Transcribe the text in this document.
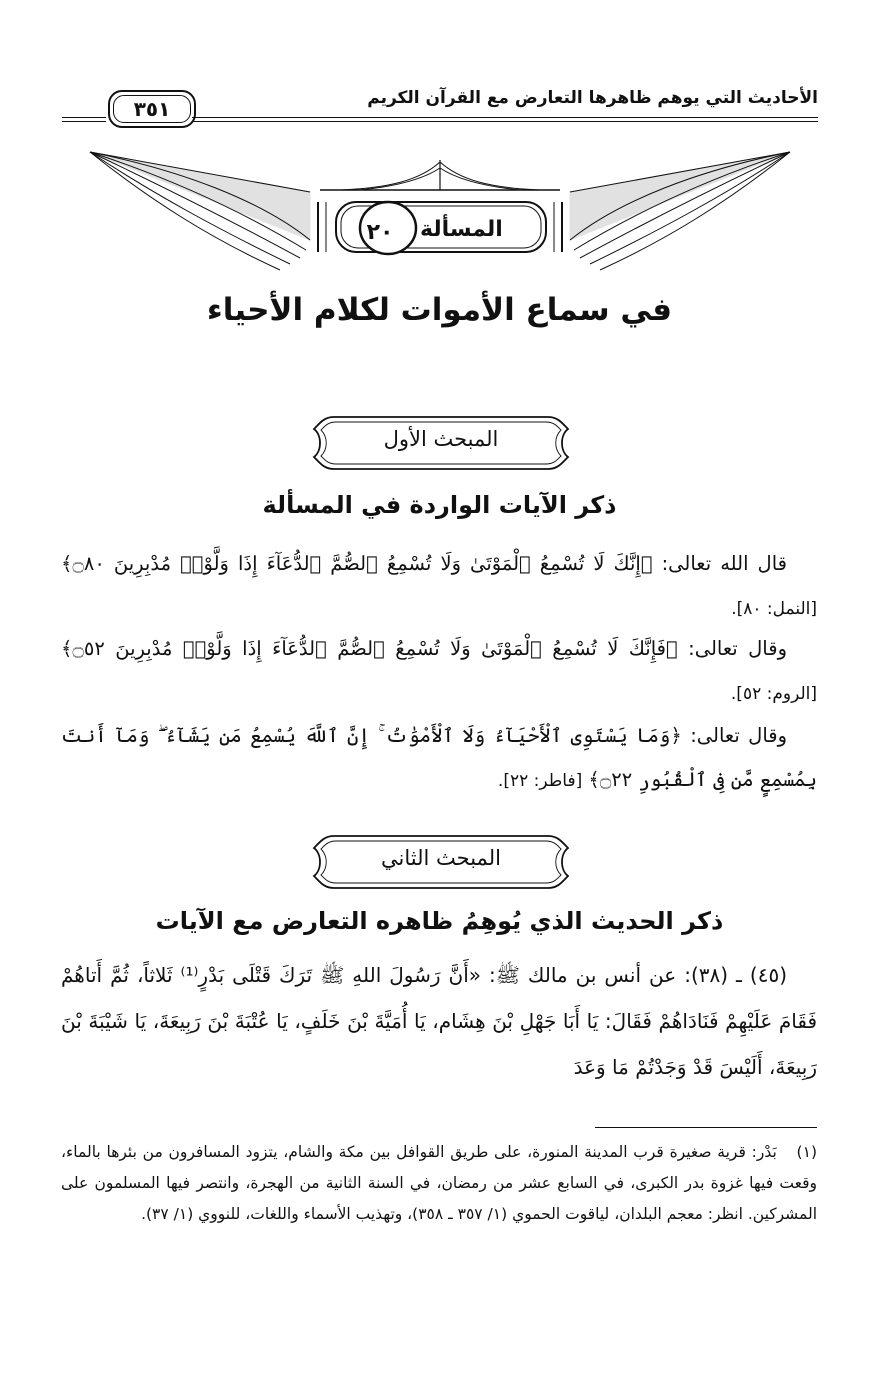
الأحاديث التي يوهم ظاهرها التعارض مع القرآن الكريم
٣٥١
المسألة
٢٠
في سماع الأموات لكلام الأحياء
المبحث الأول
ذكر الآيات الواردة في المسألة
قال الله تعالى: ﴿إِنَّكَ لَا تُسْمِعُ ٱلْمَوْتَىٰ وَلَا تُسْمِعُ ٱلصُّمَّ ٱلدُّعَآءَ إِذَا وَلَّوْا۟ مُدْبِرِينَ ۝٨٠﴾ [النمل: ٨٠].
وقال تعالى: ﴿فَإِنَّكَ لَا تُسْمِعُ ٱلْمَوْتَىٰ وَلَا تُسْمِعُ ٱلصُّمَّ ٱلدُّعَآءَ إِذَا وَلَّوْا۟ مُدْبِرِينَ ۝٥٢﴾ [الروم: ٥٢].
وقال تعالى: ﴿وَمَا يَسْتَوِى ٱلْأَحْيَآءُ وَلَا ٱلْأَمْوَٰتُ ۚ إِنَّ ٱللَّهَ يُسْمِعُ مَن يَشَآءُ ۖ وَمَآ أَنتَ بِمُسْمِعٍ مَّن فِى ٱلْقُبُورِ ۝٢٢﴾ [فاطر: ٢٢].
المبحث الثاني
ذكر الحديث الذي يُوهِمُ ظاهره التعارض مع الآيات
(٤٥) ـ (٣٨): عن أنس بن مالك ﷺ: «أَنَّ رَسُولَ اللهِ ﷺ تَرَكَ قَتْلَى بَدْرٍ⁽¹⁾ ثَلاثاً، ثُمَّ أَتاهُمْ فَقَامَ عَلَيْهِمْ فَنَادَاهُمْ فَقَالَ: يَا أَبَا جَهْلِ بْنَ هِشَام، يَا أُمَيَّةَ بْنَ خَلَفٍ، يَا عُتْبَةَ بْنَ رَبِيعَةَ، يَا شَيْبَةَ بْنَ رَبِيعَةَ، أَلَيْسَ قَدْ وَجَدْتُمْ مَا وَعَدَ
(١) بَدْر: قرية صغيرة قرب المدينة المنورة، على طريق القوافل بين مكة والشام، يتزود المسافرون من بئرها بالماء، وقعت فيها غزوة بدر الكبرى، في السابع عشر من رمضان، في السنة الثانية من الهجرة، وانتصر فيها المسلمون على المشركين. انظر: معجم البلدان، لياقوت الحموي (١/ ٣٥٧ ـ ٣٥٨)، وتهذيب الأسماء واللغات، للنووي (١/ ٣٧).
